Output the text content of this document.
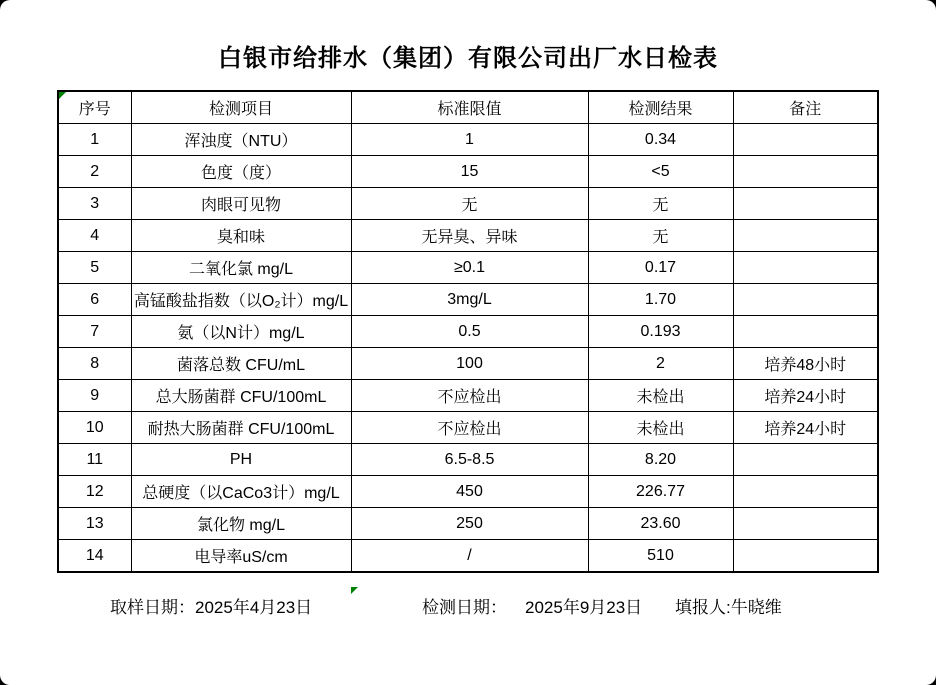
白银市给排水（集团）有限公司出厂水日检表
序号	检测项目	标准限值	检测结果	备注
1	浑浊度（NTU）	1	0.34	
2	色度（度）	15	<5	
3	肉眼可见物	无	无	
4	臭和味	无异臭、异味	无	
5	二氧化氯 mg/L	≥0.1	0.17	
6	高锰酸盐指数（以O₂计）mg/L	3mg/L	1.70	
7	氨（以N计）mg/L	0.5	0.193	
8	菌落总数 CFU/mL	100	2	培养48小时
9	总大肠菌群 CFU/100mL	不应检出	未检出	培养24小时
10	耐热大肠菌群 CFU/100mL	不应检出	未检出	培养24小时
11	PH	6.5-8.5	8.20	
12	总硬度（以CaCo3计）mg/L	450	226.77	
13	氯化物 mg/L	250	23.60	
14	电导率uS/cm	/	510	
取样日期：2025年4月23日	检测日期： 2025年9月23日 填报人:牛晓维
